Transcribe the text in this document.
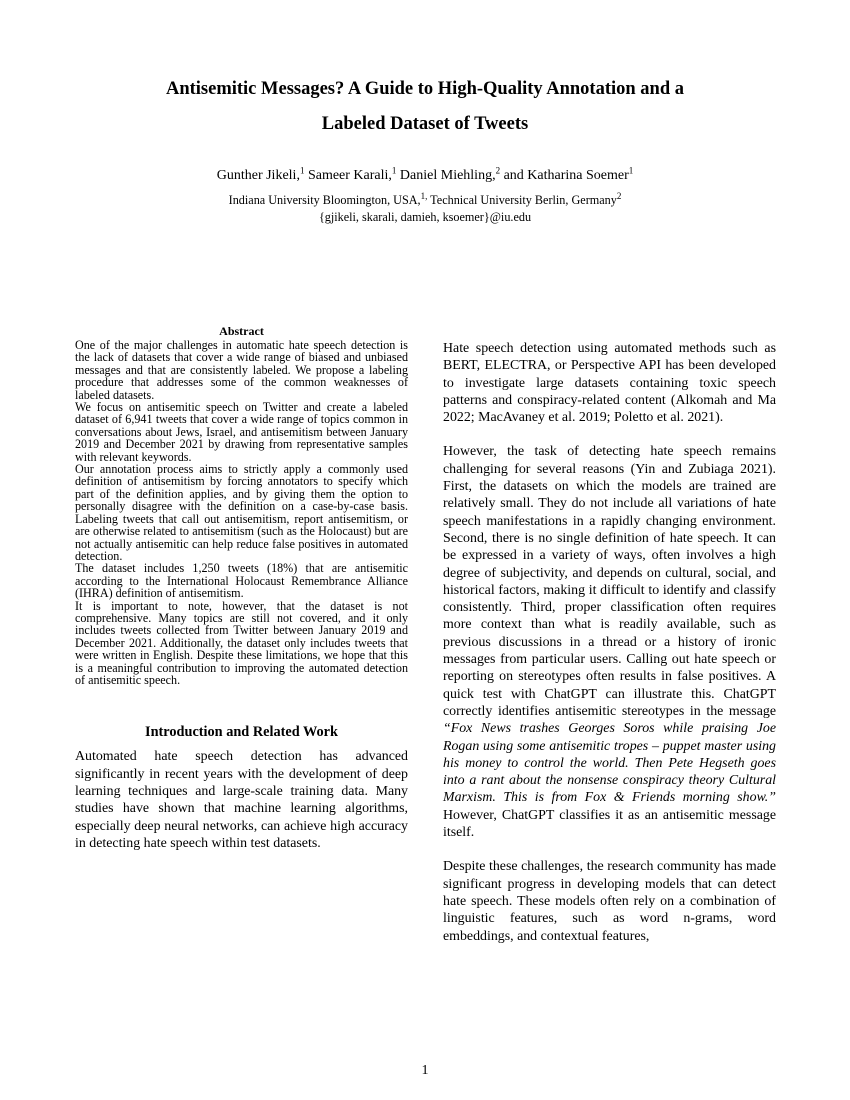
Antisemitic Messages? A Guide to High-Quality Annotation and a
Labeled Dataset of Tweets
Gunther Jikeli,$^1$ Sameer Karali,$^1$ Daniel Miehling,$^2$ and Katharina Soemer$^1$
Indiana University Bloomington, USA,$^{1,}$ Technical University Berlin, Germany$^2$
{gjikeli, skarali, damieh, ksoemer}@iu.edu
Abstract

One of the major challenges in automatic hate speech detection is the lack of datasets that cover a wide range of biased and unbiased messages and that are consistently labeled. We propose a labeling procedure that addresses some of the common weaknesses of labeled datasets.

We focus on antisemitic speech on Twitter and create a labeled dataset of 6,941 tweets that cover a wide range of topics common in conversations about Jews, Israel, and antisemitism between January 2019 and December 2021 by drawing from representative samples with relevant keywords.

Our annotation process aims to strictly apply a commonly used definition of antisemitism by forcing annotators to specify which part of the definition applies, and by giving them the option to personally disagree with the definition on a case-by-case basis. Labeling tweets that call out antisemitism, report antisemitism, or are otherwise related to antisemitism (such as the Holocaust) but are not actually antisemitic can help reduce false positives in automated detection.

The dataset includes 1,250 tweets (18%) that are antisemitic according to the International Holocaust Remembrance Alliance (IHRA) definition of antisemitism.

It is important to note, however, that the dataset is not comprehensive. Many topics are still not covered, and it only includes tweets collected from Twitter between January 2019 and December 2021. Additionally, the dataset only includes tweets that were written in English. Despite these limitations, we hope that this is a meaningful contribution to improving the automated detection of antisemitic speech.

Introduction and Related Work

Automated hate speech detection has advanced significantly in recent years with the development of deep learning techniques and large-scale training data. Many studies have shown that machine learning algorithms, especially deep neural networks, can achieve high accuracy in detecting hate speech within test datasets.

Hate speech detection using automated methods such as BERT, ELECTRA, or Perspective API has been developed to investigate large datasets containing toxic speech patterns and conspiracy-related content (Alkomah and Ma 2022; MacAvaney et al. 2019; Poletto et al. 2021).

However, the task of detecting hate speech remains challenging for several reasons (Yin and Zubiaga 2021). First, the datasets on which the models are trained are relatively small. They do not include all variations of hate speech manifestations in a rapidly changing environment. Second, there is no single definition of hate speech. It can be expressed in a variety of ways, often involves a high degree of subjectivity, and depends on cultural, social, and historical factors, making it difficult to identify and classify consistently. Third, proper classification often requires more context than what is readily available, such as previous discussions in a thread or a history of ironic messages from particular users. Calling out hate speech or reporting on stereotypes often results in false positives. A quick test with ChatGPT can illustrate this. ChatGPT correctly identifies antisemitic stereotypes in the message “Fox News trashes Georges Soros while praising Joe Rogan using some antisemitic tropes – puppet master using his money to control the world. Then Pete Hegseth goes into a rant about the nonsense conspiracy theory Cultural Marxism. This is from Fox & Friends morning show.” However, ChatGPT classifies it as an antisemitic message itself.

Despite these challenges, the research community has made significant progress in developing models that can detect hate speech. These models often rely on a combination of linguistic features, such as word n-grams, word embeddings, and contextual features,

1
